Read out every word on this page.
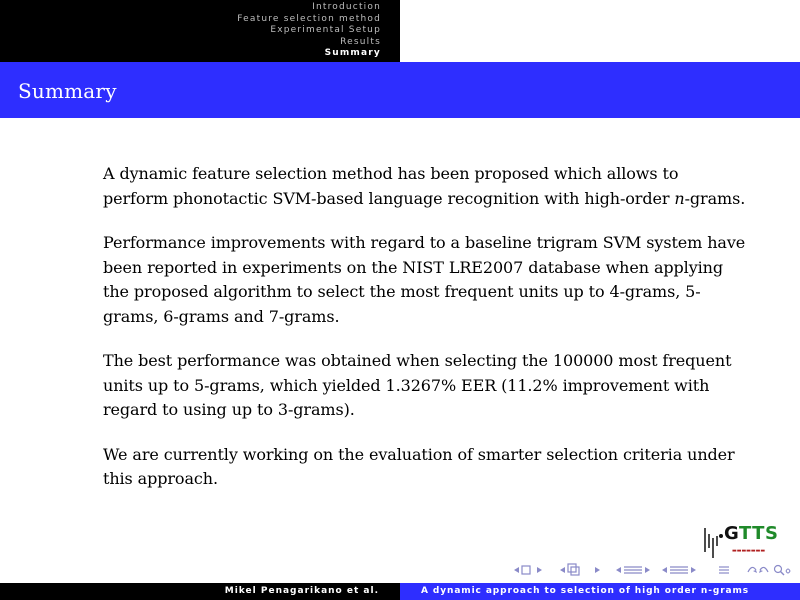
Introduction
Feature selection method
Experimental Setup
Results
Summary
Summary

A dynamic feature selection method has been proposed which allows to perform phonotactic SVM-based language recognition with high-order n-grams.

Performance improvements with regard to a baseline trigram SVM system have been reported in experiments on the NIST LRE2007 database when applying the proposed algorithm to select the most frequent units up to 4-grams, 5-grams, 6-grams and 7-grams.

The best performance was obtained when selecting the 100000 most frequent units up to 5-grams, which yielded 1.3267% EER (11.2% improvement with regard to using up to 3-grams).

We are currently working on the evaluation of smarter selection criteria under this approach.

GTTS
▬▬▬▬▬▬▬
Mikel Penagarikano et al.	A dynamic approach to selection of high order n-grams
